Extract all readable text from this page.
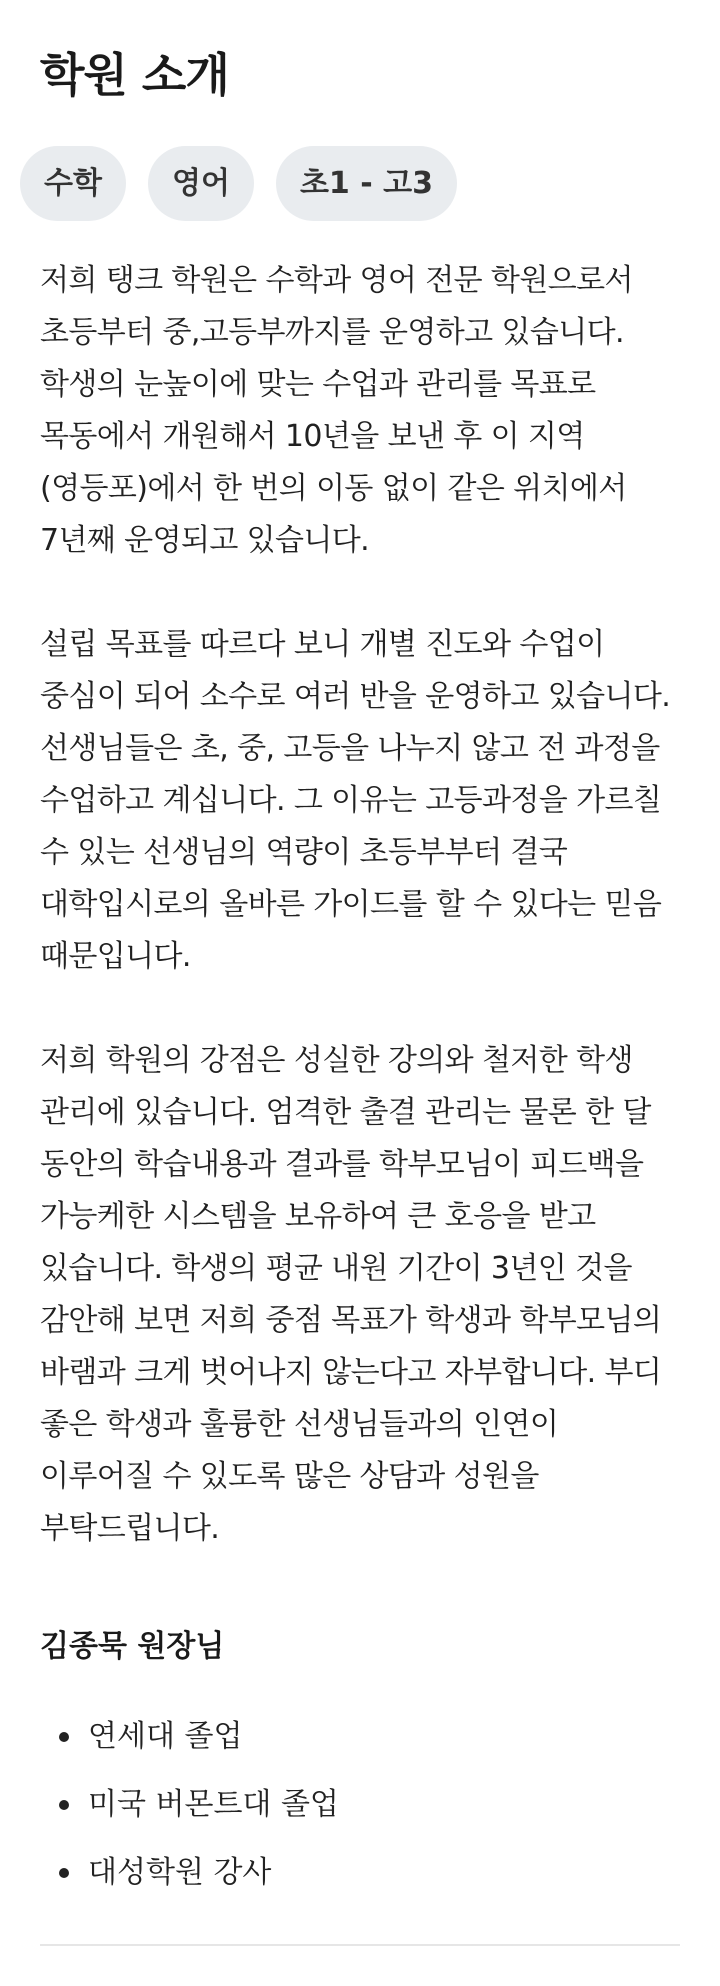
학원 소개
수학	영어	초1 - 고3

저희 탱크 학원은 수학과 영어 전문 학원으로서 초등부터 중,고등부까지를 운영하고 있습니다. 학생의 눈높이에 맞는 수업과 관리를 목표로 목동에서 개원해서 10년을 보낸 후 이 지역(영등포)에서 한 번의 이동 없이 같은 위치에서 7년째 운영되고 있습니다.

설립 목표를 따르다 보니 개별 진도와 수업이 중심이 되어 소수로 여러 반을 운영하고 있습니다. 선생님들은 초, 중, 고등을 나누지 않고 전 과정을 수업하고 계십니다. 그 이유는 고등과정을 가르칠 수 있는 선생님의 역량이 초등부부터 결국 대학입시로의 올바른 가이드를 할 수 있다는 믿음 때문입니다.

저희 학원의 강점은 성실한 강의와 철저한 학생 관리에 있습니다. 엄격한 출결 관리는 물론 한 달 동안의 학습내용과 결과를 학부모님이 피드백을 가능케한 시스템을 보유하여 큰 호응을 받고 있습니다. 학생의 평균 내원 기간이 3년인 것을 감안해 보면 저희 중점 목표가 학생과 학부모님의 바램과 크게 벗어나지 않는다고 자부합니다. 부디 좋은 학생과 훌륭한 선생님들과의 인연이 이루어질 수 있도록 많은 상담과 성원을 부탁드립니다.

김종묵 원장님
연세대 졸업
미국 버몬트대 졸업
대성학원 강사
